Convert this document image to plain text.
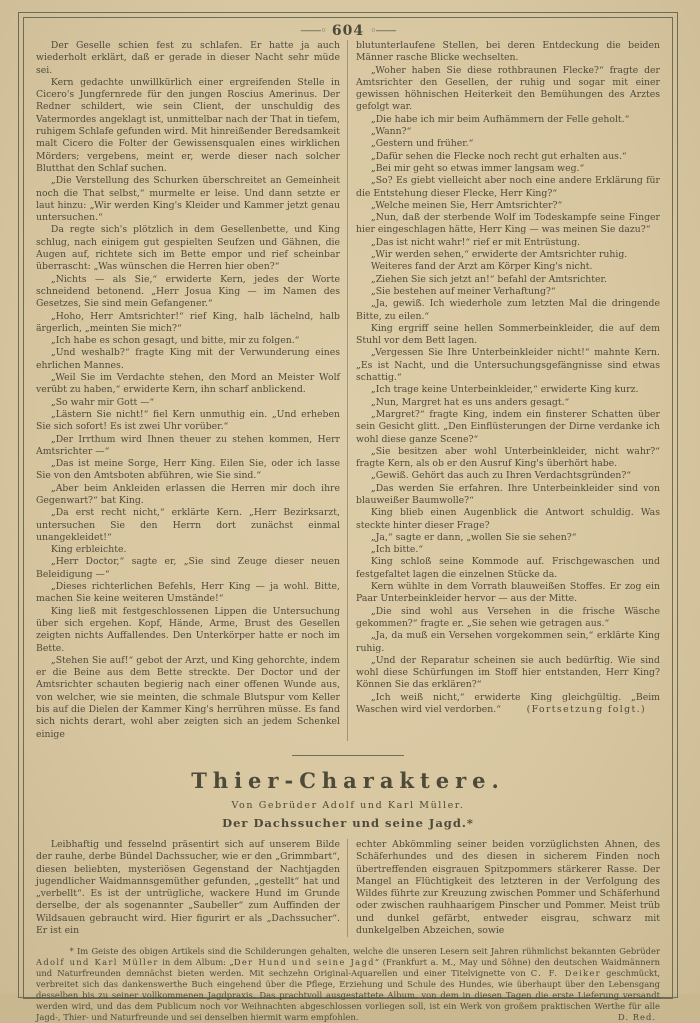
——◦ 604 ◦——

Der Geselle schien fest zu schlafen. Er hatte ja auch wiederholt erklärt, daß er gerade in dieser Nacht sehr müde sei.

Kern gedachte unwillkürlich einer ergreifenden Stelle in Cicero's Jungfernrede für den jungen Roscius Amerinus. Der Redner schildert, wie sein Client, der unschuldig des Vatermordes angeklagt ist, unmittelbar nach der That in tiefem, ruhigem Schlafe gefunden wird. Mit hinreißender Beredsamkeit malt Cicero die Folter der Gewissensqualen eines wirklichen Mörders; vergebens, meint er, werde dieser nach solcher Blutthat den Schlaf suchen.

„Die Verstellung des Schurken überschreitet an Gemeinheit noch die That selbst,“ murmelte er leise. Und dann setzte er laut hinzu: „Wir werden King's Kleider und Kammer jetzt genau untersuchen.“

Da regte sich's plötzlich in dem Gesellenbette, und King schlug, nach einigem gut gespielten Seufzen und Gähnen, die Augen auf, richtete sich im Bette empor und rief scheinbar überrascht: „Was wünschen die Herren hier oben?“

„Nichts — als Sie,“ erwiderte Kern, jedes der Worte schneidend betonend. „Herr Josua King — im Namen des Gesetzes, Sie sind mein Gefangener.“

„Hoho, Herr Amtsrichter!“ rief King, halb lächelnd, halb ärgerlich, „meinten Sie mich?“

„Ich habe es schon gesagt, und bitte, mir zu folgen.“

„Und weshalb?“ fragte King mit der Verwunderung eines ehrlichen Mannes.

„Weil Sie im Verdachte stehen, den Mord an Meister Wolf verübt zu haben,“ erwiderte Kern, ihn scharf anblickend.

„So wahr mir Gott —“

„Lästern Sie nicht!“ fiel Kern unmuthig ein. „Und erheben Sie sich sofort! Es ist zwei Uhr vorüber.“

„Der Irrthum wird Ihnen theuer zu stehen kommen, Herr Amtsrichter —“

„Das ist meine Sorge, Herr King. Eilen Sie, oder ich lasse Sie von den Amtsboten abführen, wie Sie sind.“

„Aber beim Ankleiden erlassen die Herren mir doch ihre Gegenwart?“ bat King.

„Da erst recht nicht,“ erklärte Kern. „Herr Bezirksarzt, untersuchen Sie den Herrn dort zunächst einmal unangekleidet!“

King erbleichte.

„Herr Doctor,“ sagte er, „Sie sind Zeuge dieser neuen Beleidigung —“

„Dieses richterlichen Befehls, Herr King — ja wohl. Bitte, machen Sie keine weiteren Umstände!“

King ließ mit festgeschlossenen Lippen die Untersuchung über sich ergehen. Kopf, Hände, Arme, Brust des Gesellen zeigten nichts Auffallendes. Den Unterkörper hatte er noch im Bette.

„Stehen Sie auf!“ gebot der Arzt, und King gehorchte, indem er die Beine aus dem Bette streckte. Der Doctor und der Amtsrichter schauten begierig nach einer offenen Wunde aus, von welcher, wie sie meinten, die schmale Blutspur vom Keller bis auf die Dielen der Kammer King's herrühren müsse. Es fand sich nichts derart, wohl aber zeigten sich an jedem Schenkel einige

blutunterlaufene Stellen, bei deren Entdeckung die beiden Männer rasche Blicke wechselten.

„Woher haben Sie diese rothbraunen Flecke?“ fragte der Amtsrichter den Gesellen, der ruhig und sogar mit einer gewissen höhnischen Heiterkeit den Bemühungen des Arztes gefolgt war.

„Die habe ich mir beim Aufhämmern der Felle geholt.“

„Wann?“

„Gestern und früher.“

„Dafür sehen die Flecke noch recht gut erhalten aus.“

„Bei mir geht so etwas immer langsam weg.“

„So? Es giebt vielleicht aber noch eine andere Erklärung für die Entstehung dieser Flecke, Herr King?“

„Welche meinen Sie, Herr Amtsrichter?“

„Nun, daß der sterbende Wolf im Todeskampfe seine Finger hier eingeschlagen hätte, Herr King — was meinen Sie dazu?“

„Das ist nicht wahr!“ rief er mit Entrüstung.

„Wir werden sehen,“ erwiderte der Amtsrichter ruhig.

Weiteres fand der Arzt am Körper King's nicht.

„Ziehen Sie sich jetzt an!“ befahl der Amtsrichter.

„Sie bestehen auf meiner Verhaftung?“

„Ja, gewiß. Ich wiederhole zum letzten Mal die dringende Bitte, zu eilen.“

King ergriff seine hellen Sommerbeinkleider, die auf dem Stuhl vor dem Bett lagen.

„Vergessen Sie Ihre Unterbeinkleider nicht!“ mahnte Kern. „Es ist Nacht, und die Untersuchungsgefängnisse sind etwas schattig.“

„Ich trage keine Unterbeinkleider,“ erwiderte King kurz.

„Nun, Margret hat es uns anders gesagt.“

„Margret?“ fragte King, indem ein finsterer Schatten über sein Gesicht glitt. „Den Einflüsterungen der Dirne verdanke ich wohl diese ganze Scene?“

„Sie besitzen aber wohl Unterbeinkleider, nicht wahr?“ fragte Kern, als ob er den Ausruf King's überhört habe.

„Gewiß. Gehört das auch zu Ihren Verdachtsgründen?“

„Das werden Sie erfahren. Ihre Unterbeinkleider sind von blauweißer Baumwolle?“

King blieb einen Augenblick die Antwort schuldig. Was steckte hinter dieser Frage?

„Ja,“ sagte er dann, „wollen Sie sie sehen?“

„Ich bitte.“

King schloß seine Kommode auf. Frischgewaschen und festgefaltet lagen die einzelnen Stücke da.

Kern wühlte in dem Vorrath blauweißen Stoffes. Er zog ein Paar Unterbeinkleider hervor — aus der Mitte.

„Die sind wohl aus Versehen in die frische Wäsche gekommen?“ fragte er. „Sie sehen wie getragen aus.“

„Ja, da muß ein Versehen vorgekommen sein,“ erklärte King ruhig.

„Und der Reparatur scheinen sie auch bedürftig. Wie sind wohl diese Schürfungen im Stoff hier entstanden, Herr King? Können Sie das erklären?“

„Ich weiß nicht,“ erwiderte King gleichgültig. „Beim Waschen wird viel verdorben.“	(Fortsetzung folgt.)
Thier-Charaktere.
Von Gebrüder Adolf und Karl Müller.
Der Dachssucher und seine Jagd.*

Leibhaftig und fesselnd präsentirt sich auf unserem Bilde der rauhe, derbe Bündel Dachssucher, wie er den „Grimmbart“, diesen beliebten, mysteriösen Gegenstand der Nachtjagden jugendlicher Waidmannsgemüther gefunden, „gestellt“ hat und „verbellt“. Es ist der untrügliche, wackere Hund im Grunde derselbe, der als sogenannter „Saubeller“ zum Auffinden der Wildsauen gebraucht wird. Hier figurirt er als „Dachssucher“. Er ist ein

echter Abkömmling seiner beiden vorzüglichsten Ahnen, des Schäferhundes und des diesen in sicherem Finden noch übertreffenden eisgrauen Spitzpommers stärkerer Rasse. Der Mangel an Flüchtigkeit des letzteren in der Verfolgung des Wildes führte zur Kreuzung zwischen Pommer und Schäferhund oder zwischen rauhhaarigem Pinscher und Pommer. Meist trüb und dunkel gefärbt, entweder eisgrau, schwarz mit dunkelgelben Abzeichen, sowie

* Im Geiste des obigen Artikels sind die Schilderungen gehalten, welche die unseren Lesern seit Jahren rühmlichst bekannten Gebrüder Adolf und Karl Müller in dem Album: „Der Hund und seine Jagd“ (Frankfurt a. M., May und Söhne) den deutschen Waidmännern und Naturfreunden demnächst bieten werden. Mit sechzehn Original-Aquarellen und einer Titelvignette von C. F. Deiker geschmückt, verbreitet sich das dankenswerthe Buch eingehend über die Pflege, Erziehung und Schule des Hundes, wie überhaupt über den Lebensgang desselben bis zu seiner vollkommenen Jagdpraxis. Das prachtvoll ausgestattete Album, von dem in diesen Tagen die erste Lieferung versandt werden wird, und das dem Publicum noch vor Weihnachten abgeschlossen vorliegen soll, ist ein Werk von großem praktischen Werthe für alle Jagd-, Thier- und Naturfreunde und sei denselben hiermit warm empfohlen.	D. Red.
